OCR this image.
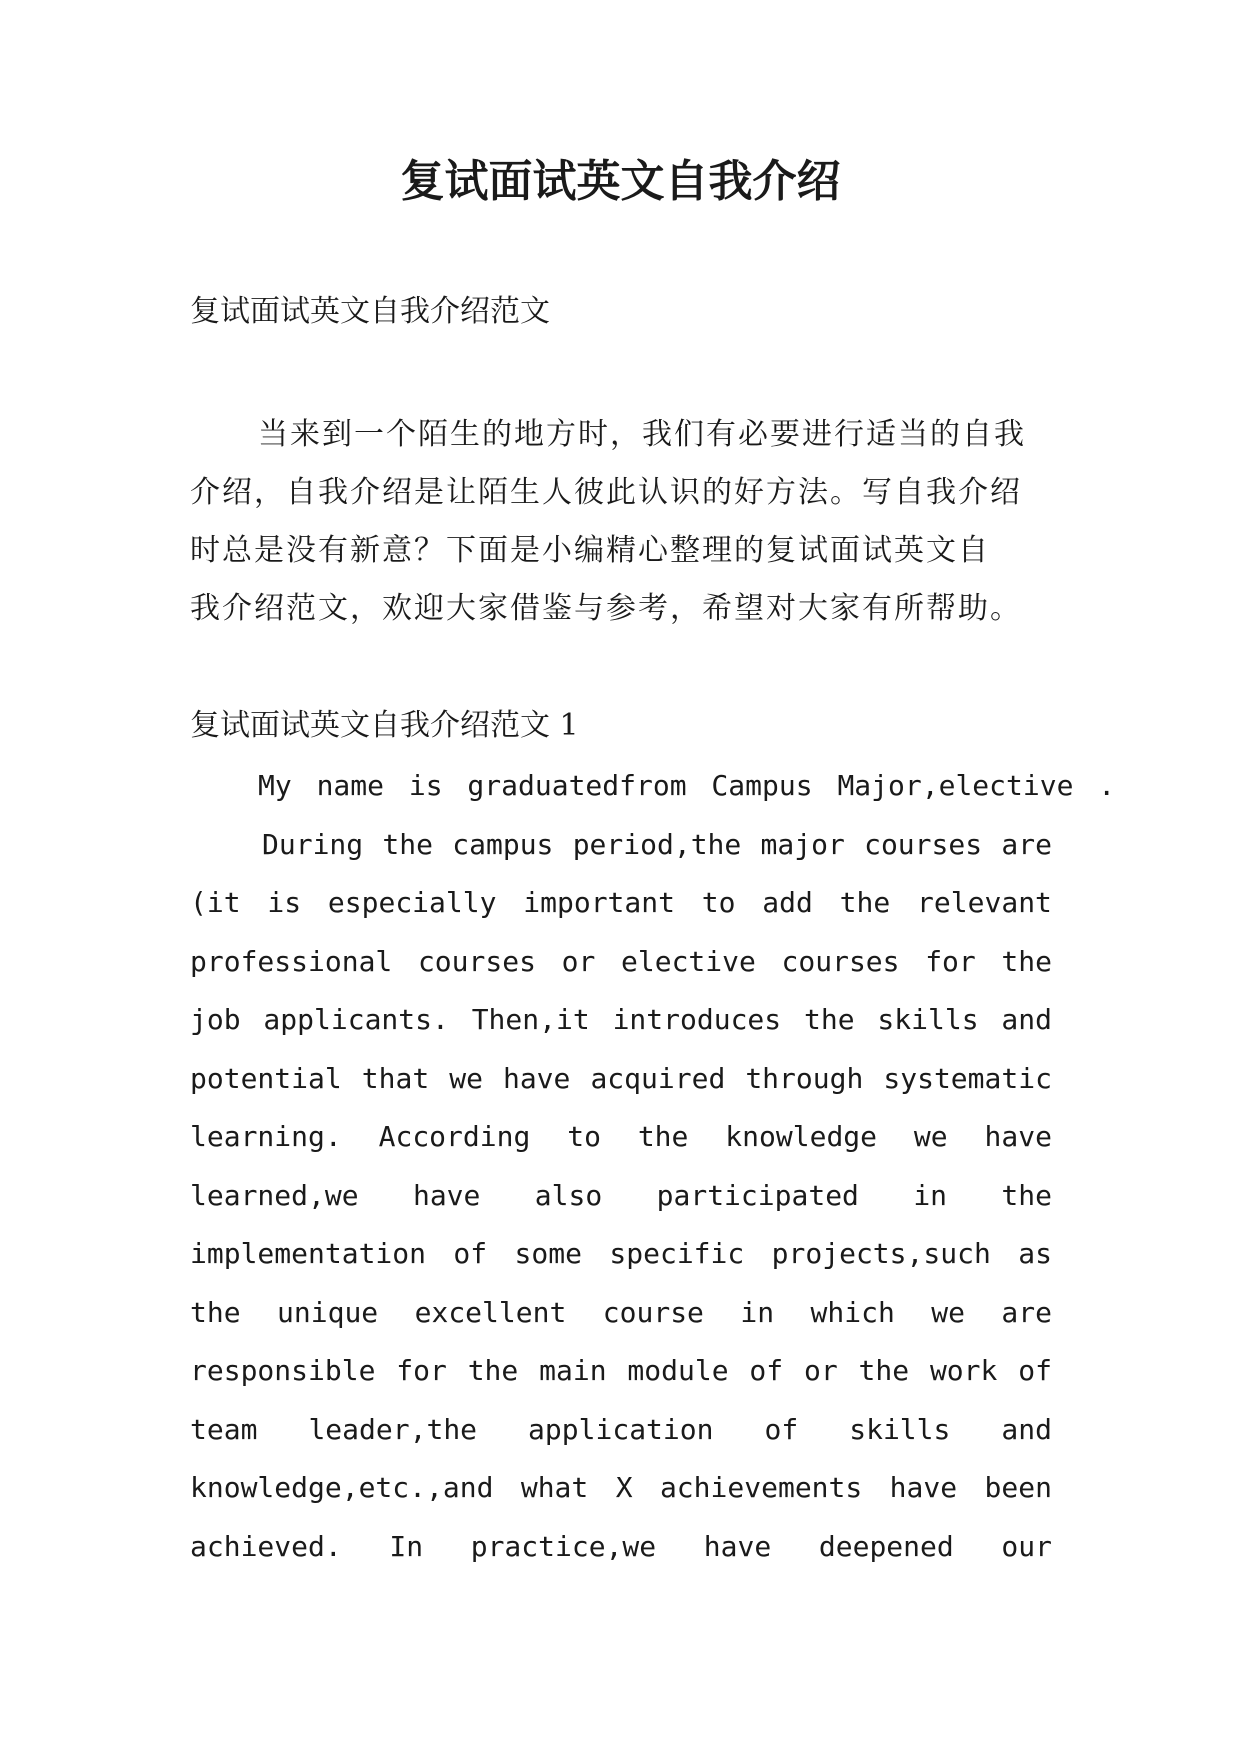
复试面试英文自我介绍
复试面试英文自我介绍范文
当来到一个陌生的地方时，我们有必要进行适当的自我
介绍，自我介绍是让陌生人彼此认识的好方法。写自我介绍
时总是没有新意？下面是小编精心整理的复试面试英文自
我介绍范文，欢迎大家借鉴与参考，希望对大家有所帮助。
复试面试英文自我介绍范文 1
My name is graduatedfrom Campus Major,elective .
During the campus period,the major courses are
(it is especially important to add the relevant
professional courses or elective courses for the
job applicants. Then,it introduces the skills and
potential that we have acquired through systematic
learning. According to the knowledge we have
learned,we have also participated in the
implementation of some specific projects,such as
the unique excellent course in which we are
responsible for the main module of or the work of
team leader,the application of skills and
knowledge,etc.,and what X achievements have been
achieved. In practice,we have deepened our
